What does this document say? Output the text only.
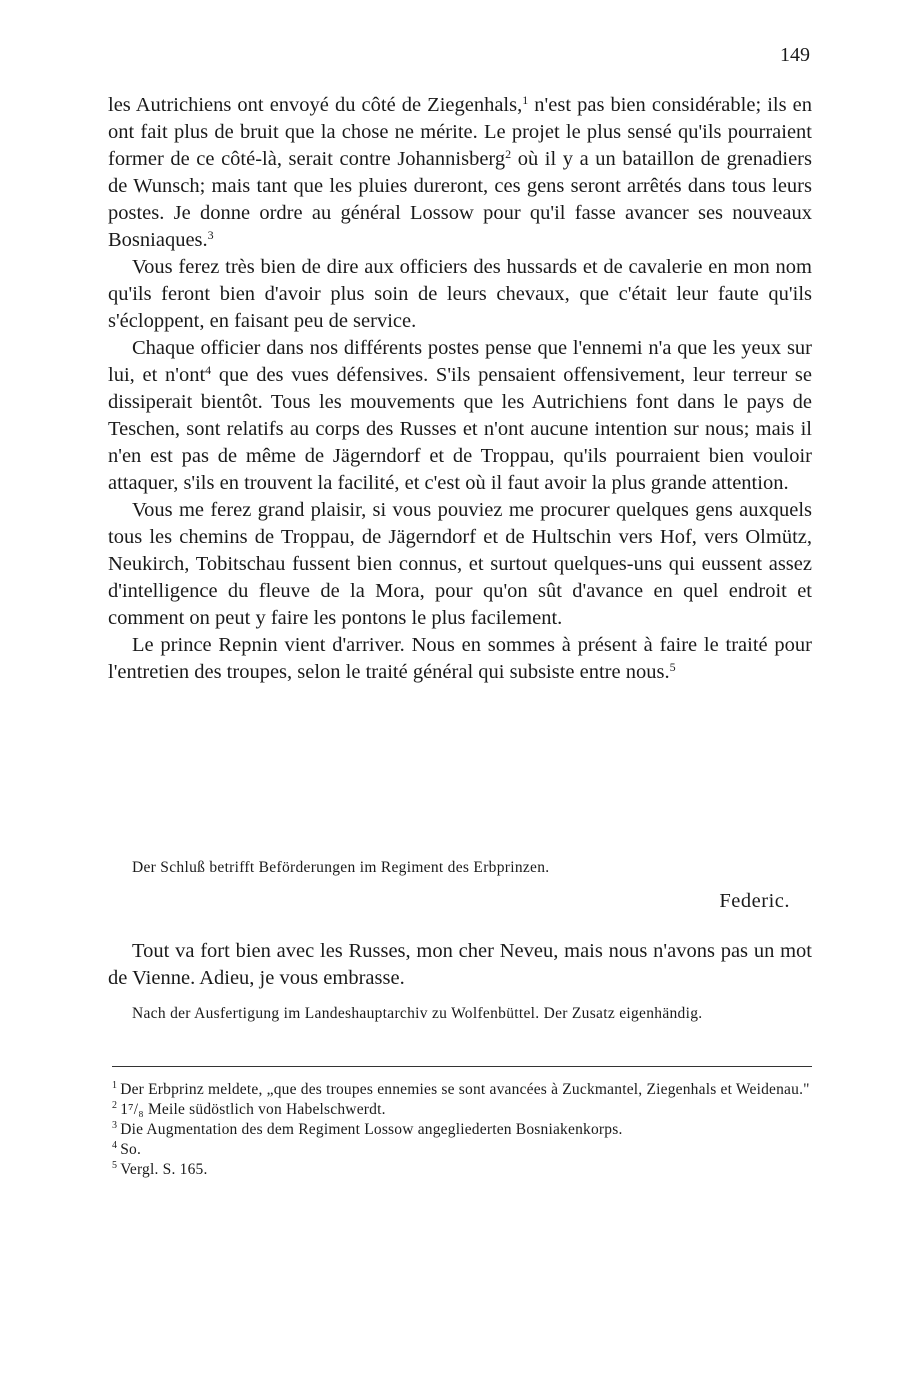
149

les Autrichiens ont envoyé du côté de Ziegenhals,$^1$ n'est pas bien considérable; ils en ont fait plus de bruit que la chose ne mérite. Le projet le plus sensé qu'ils pourraient former de ce côté-là, serait contre Johannisberg$^2$ où il y a un bataillon de grenadiers de Wunsch; mais tant que les pluies dureront, ces gens seront arrêtés dans tous leurs postes. Je donne ordre au général Lossow pour qu'il fasse avancer ses nouveaux Bosniaques.$^3$

Vous ferez très bien de dire aux officiers des hussards et de cavalerie en mon nom qu'ils feront bien d'avoir plus soin de leurs chevaux, que c'était leur faute qu'ils s'écloppent, en faisant peu de service.

Chaque officier dans nos différents postes pense que l'ennemi n'a que les yeux sur lui, et n'ont$^4$ que des vues défensives. S'ils pensaient offensivement, leur terreur se dissiperait bientôt. Tous les mouvements que les Autrichiens font dans le pays de Teschen, sont relatifs au corps des Russes et n'ont aucune intention sur nous; mais il n'en est pas de même de Jägerndorf et de Troppau, qu'ils pourraient bien vouloir attaquer, s'ils en trouvent la facilité, et c'est où il faut avoir la plus grande attention.

Vous me ferez grand plaisir, si vous pouviez me procurer quelques gens auxquels tous les chemins de Troppau, de Jägerndorf et de Hultschin vers Hof, vers Olmütz, Neukirch, Tobitschau fussent bien connus, et surtout quelques-uns qui eussent assez d'intelligence du fleuve de la Mora, pour qu'on sût d'avance en quel endroit et comment on peut y faire les pontons le plus facilement.

Le prince Repnin vient d'arriver. Nous en sommes à présent à faire le traité pour l'entretien des troupes, selon le traité général qui subsiste entre nous.$^5$

Der Schluß betrifft Beförderungen im Regiment des Erbprinzen.
Federic.

Tout va fort bien avec les Russes, mon cher Neveu, mais nous n'avons pas un mot de Vienne. Adieu, je vous embrasse.

Nach der Ausfertigung im Landeshauptarchiv zu Wolfenbüttel. Der Zusatz eigenhändig.

$^1$ Der Erbprinz meldete, „que des troupes ennemies se sont avancées à Zuckmantel, Ziegenhals et Weidenau."

$^2$ 1⁷/₈ Meile südöstlich von Habelschwerdt.

$^3$ Die Augmentation des dem Regiment Lossow angegliederten Bosniakenkorps.

$^4$ So.

$^5$ Vergl. S. 165.
